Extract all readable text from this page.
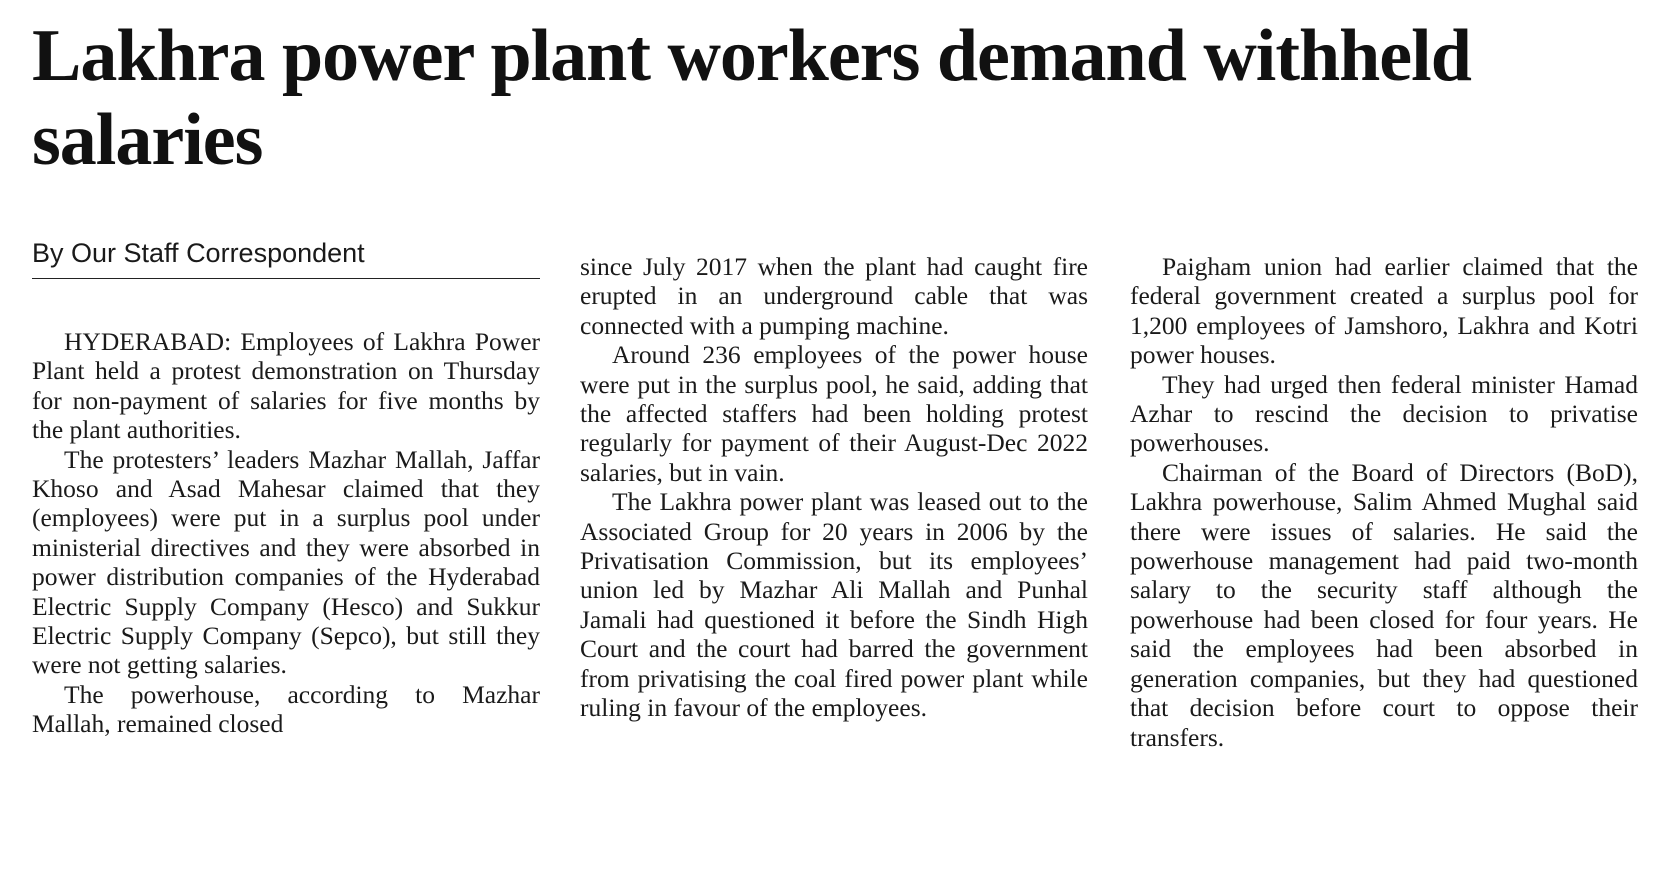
Lakhra power plant workers demand withheld salaries
By Our Staff Correspondent

HYDERABAD: Employees of Lakhra Power Plant held a protest demonstration on Thursday for non-payment of salaries for five months by the plant authorities.

The protesters’ leaders Mazhar Mallah, Jaffar Khoso and Asad Mahesar claimed that they (employees) were put in a surplus pool under ministerial directives and they were absorbed in power distribution companies of the Hyderabad Electric Supply Company (Hesco) and Sukkur Electric Supply Company (Sepco), but still they were not getting salaries.

The powerhouse, according to Mazhar Mallah, remained closed

since July 2017 when the plant had caught fire erupted in an underground cable that was connected with a pumping machine.

Around 236 employees of the power house were put in the surplus pool, he said, adding that the affected staffers had been holding protest regularly for payment of their August-Dec 2022 salaries, but in vain.

The Lakhra power plant was leased out to the Associated Group for 20 years in 2006 by the Privatisation Commission, but its employees’ union led by Mazhar Ali Mallah and Punhal Jamali had questioned it before the Sindh High Court and the court had barred the government from privatising the coal fired power plant while ruling in favour of the employees.

Paigham union had earlier claimed that the federal government created a surplus pool for 1,200 employees of Jamshoro, Lakhra and Kotri power houses.

They had urged then federal minister Hamad Azhar to rescind the decision to privatise powerhouses.

Chairman of the Board of Directors (BoD), Lakhra powerhouse, Salim Ahmed Mughal said there were issues of salaries. He said the powerhouse management had paid two-month salary to the security staff although the powerhouse had been closed for four years. He said the employees had been absorbed in generation companies, but they had questioned that decision before court to oppose their transfers.
